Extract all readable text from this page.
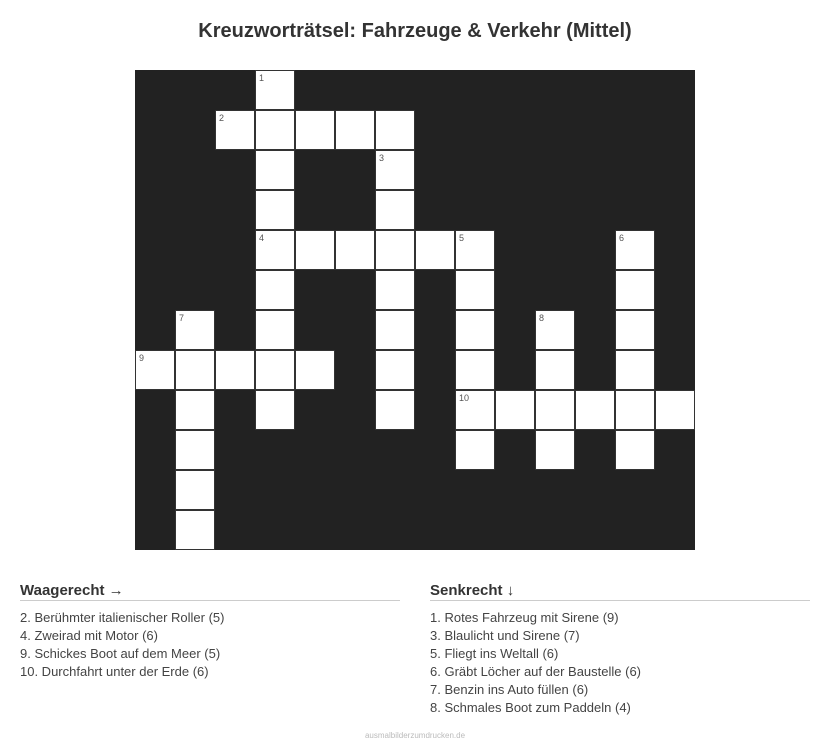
Kreuzworträtsel: Fahrzeuge & Verkehr (Mittel)
1
4
2
3
5
10
6
7	8
9
Waagerecht →
2. Berühmter italienischer Roller (5)
4. Zweirad mit Motor (6)
9. Schickes Boot auf dem Meer (5)
10. Durchfahrt unter der Erde (6)
Senkrecht ↓
1. Rotes Fahrzeug mit Sirene (9)
3. Blaulicht und Sirene (7)
5. Fliegt ins Weltall (6)
6. Gräbt Löcher auf der Baustelle (6)
7. Benzin ins Auto füllen (6)
8. Schmales Boot zum Paddeln (4)
ausmalbilderzumdrucken.de
